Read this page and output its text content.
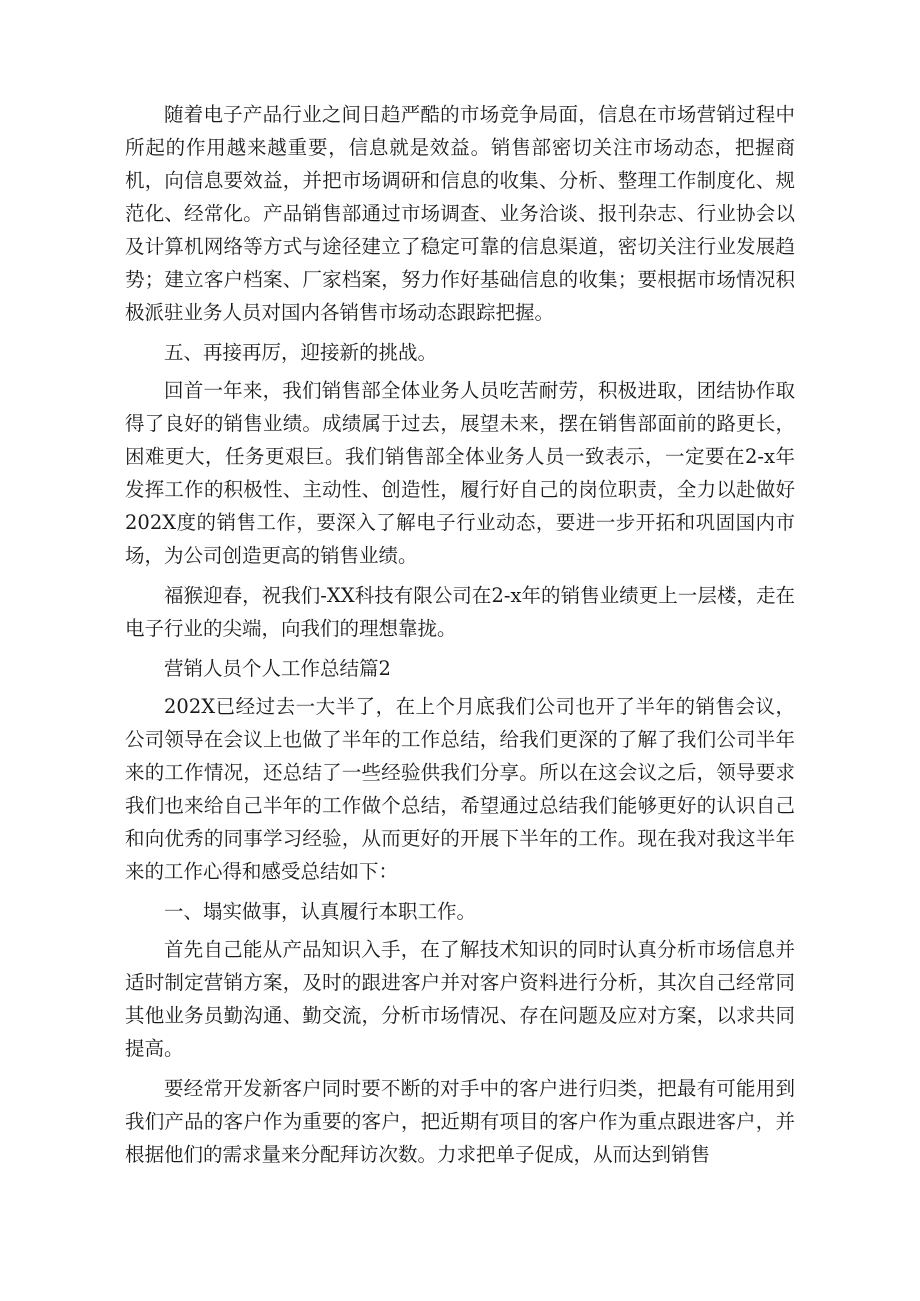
随着电子产品行业之间日趋严酷的市场竞争局面，信息在市场营销过程中所起的作用越来越重要，信息就是效益。销售部密切关注市场动态，把握商机，向信息要效益，并把市场调研和信息的收集、分析、整理工作制度化、规范化、经常化。产品销售部通过市场调查、业务洽谈、报刊杂志、行业协会以及计算机网络等方式与途径建立了稳定可靠的信息渠道，密切关注行业发展趋势；建立客户档案、厂家档案，努力作好基础信息的收集；要根据市场情况积极派驻业务人员对国内各销售市场动态跟踪把握。

五、再接再厉，迎接新的挑战。

回首一年来，我们销售部全体业务人员吃苦耐劳，积极进取，团结协作取得了良好的销售业绩。成绩属于过去，展望未来，摆在销售部面前的路更长，困难更大，任务更艰巨。我们销售部全体业务人员一致表示，一定要在2-x年发挥工作的积极性、主动性、创造性，履行好自己的岗位职责，全力以赴做好202X度的销售工作，要深入了解电子行业动态，要进一步开拓和巩固国内市场，为公司创造更高的销售业绩。

福猴迎春，祝我们-XX科技有限公司在2-x年的销售业绩更上一层楼，走在电子行业的尖端，向我们的理想靠拢。

营销人员个人工作总结篇2

202X已经过去一大半了，在上个月底我们公司也开了半年的销售会议，公司领导在会议上也做了半年的工作总结，给我们更深的了解了我们公司半年来的工作情况，还总结了一些经验供我们分享。所以在这会议之后，领导要求我们也来给自己半年的工作做个总结，希望通过总结我们能够更好的认识自己和向优秀的同事学习经验，从而更好的开展下半年的工作。现在我对我这半年来的工作心得和感受总结如下：

一、塌实做事，认真履行本职工作。

首先自己能从产品知识入手，在了解技术知识的同时认真分析市场信息并适时制定营销方案，及时的跟进客户并对客户资料进行分析，其次自己经常同其他业务员勤沟通、勤交流，分析市场情况、存在问题及应对方案，以求共同提高。

要经常开发新客户同时要不断的对手中的客户进行归类，把最有可能用到我们产品的客户作为重要的客户，把近期有项目的客户作为重点跟进客户，并根据他们的需求量来分配拜访次数。力求把单子促成，从而达到销售
